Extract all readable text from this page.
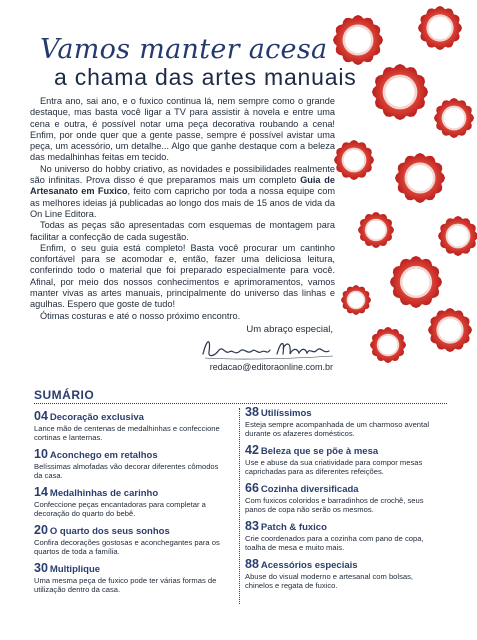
Vamos manter acesa
a chama das artes manuais

Entra ano, sai ano, e o fuxico continua lá, nem sempre como o grande destaque, mas basta você ligar a TV para assistir à novela e entre uma cena e outra, é possível notar uma peça decorativa roubando a cena! Enfim, por onde quer que a gente passe, sempre é possível avistar uma peça, um acessório, um detalhe... Algo que ganhe destaque com a beleza das medalhinhas feitas em tecido.

No universo do hobby criativo, as novidades e possibilidades realmente são infinitas. Prova disso é que preparamos mais um completo Guia de Artesanato em Fuxico, feito com capricho por toda a nossa equipe com as melhores ideias já publicadas ao longo dos mais de 15 anos de vida da On Line Editora.

Todas as peças são apresentadas com esquemas de montagem para facilitar a confecção de cada sugestão.

Enfim, o seu guia está completo! Basta você procurar um cantinho confortável para se acomodar e, então, fazer uma deliciosa leitura, conferindo todo o material que foi preparado especialmente para você. Afinal, por meio dos nossos conhecimentos e aprimoramentos, vamos manter vivas as artes manuais, principalmente do universo das linhas e agulhas. Espero que goste de tudo!

Ótimas costuras e até o nosso próximo encontro.

Um abraço especial,
redacao@editoraonline.com.br
SUMÁRIO
04 Decoração exclusiva
Lance mão de centenas de medalhinhas e confeccione cortinas e lanternas.
10 Aconchego em retalhos
Belíssimas almofadas vão decorar diferentes cômodos da casa.
14 Medalhinhas de carinho
Confeccione peças encantadoras para completar a decoração do quarto do bebê.
20 O quarto dos seus sonhos
Confira decorações gostosas e aconchegantes para os quartos de toda a família.
30 Multiplique
Uma mesma peça de fuxico pode ter várias formas de utilização dentro da casa.
38 Utilíssimos
Esteja sempre acompanhada de um charmoso avental durante os afazeres domésticos.
42 Beleza que se põe à mesa
Use e abuse da sua criatividade para compor mesas caprichadas para as diferentes refeições.
66 Cozinha diversificada
Com fuxicos coloridos e barradinhos de crochê, seus panos de copa não serão os mesmos.
83 Patch & fuxico
Crie coordenados para a cozinha com pano de copa, toalha de mesa e muito mais.
88 Acessórios especiais
Abuse do visual moderno e artesanal com bolsas, chinelos e regata de fuxico.
